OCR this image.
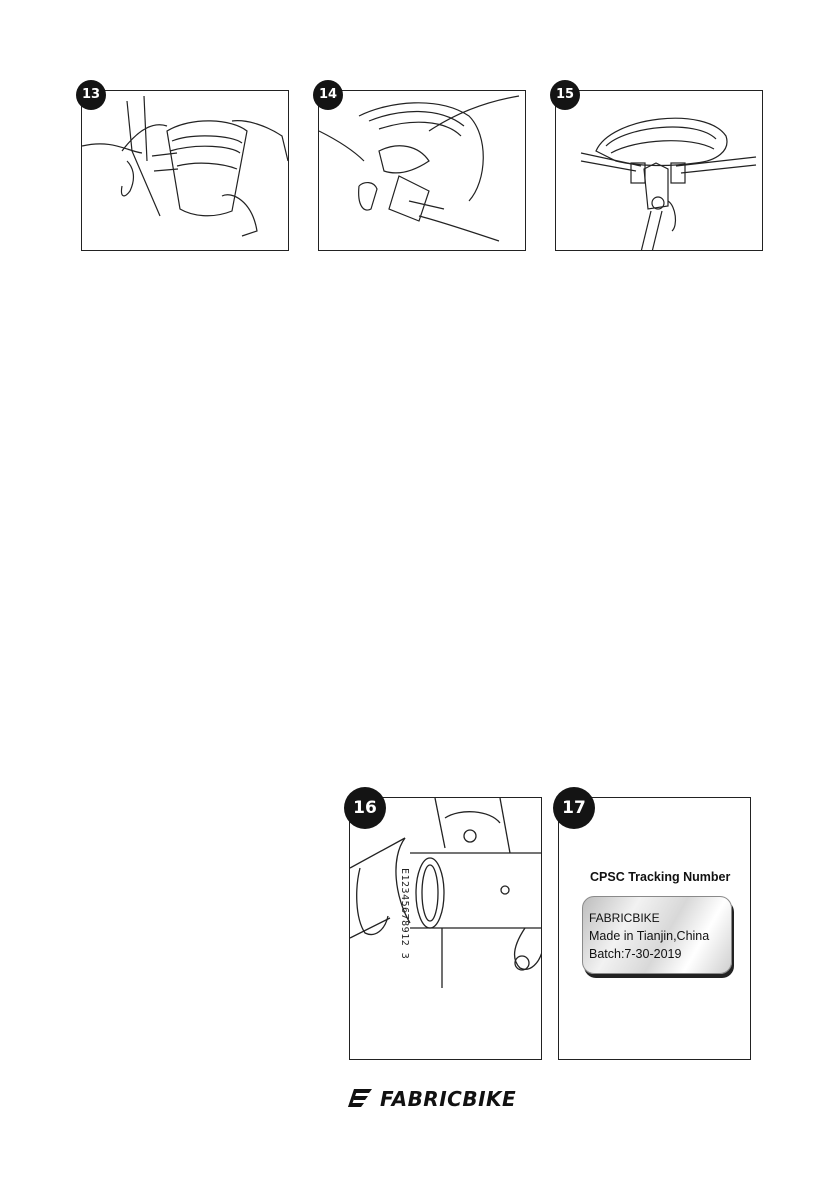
13	14	15
E12345678912 3
16	17
CPSC Tracking Number
FABRICBIKE
Made in Tianjin,China
Batch:7-30-2019
FABRICBIKE
